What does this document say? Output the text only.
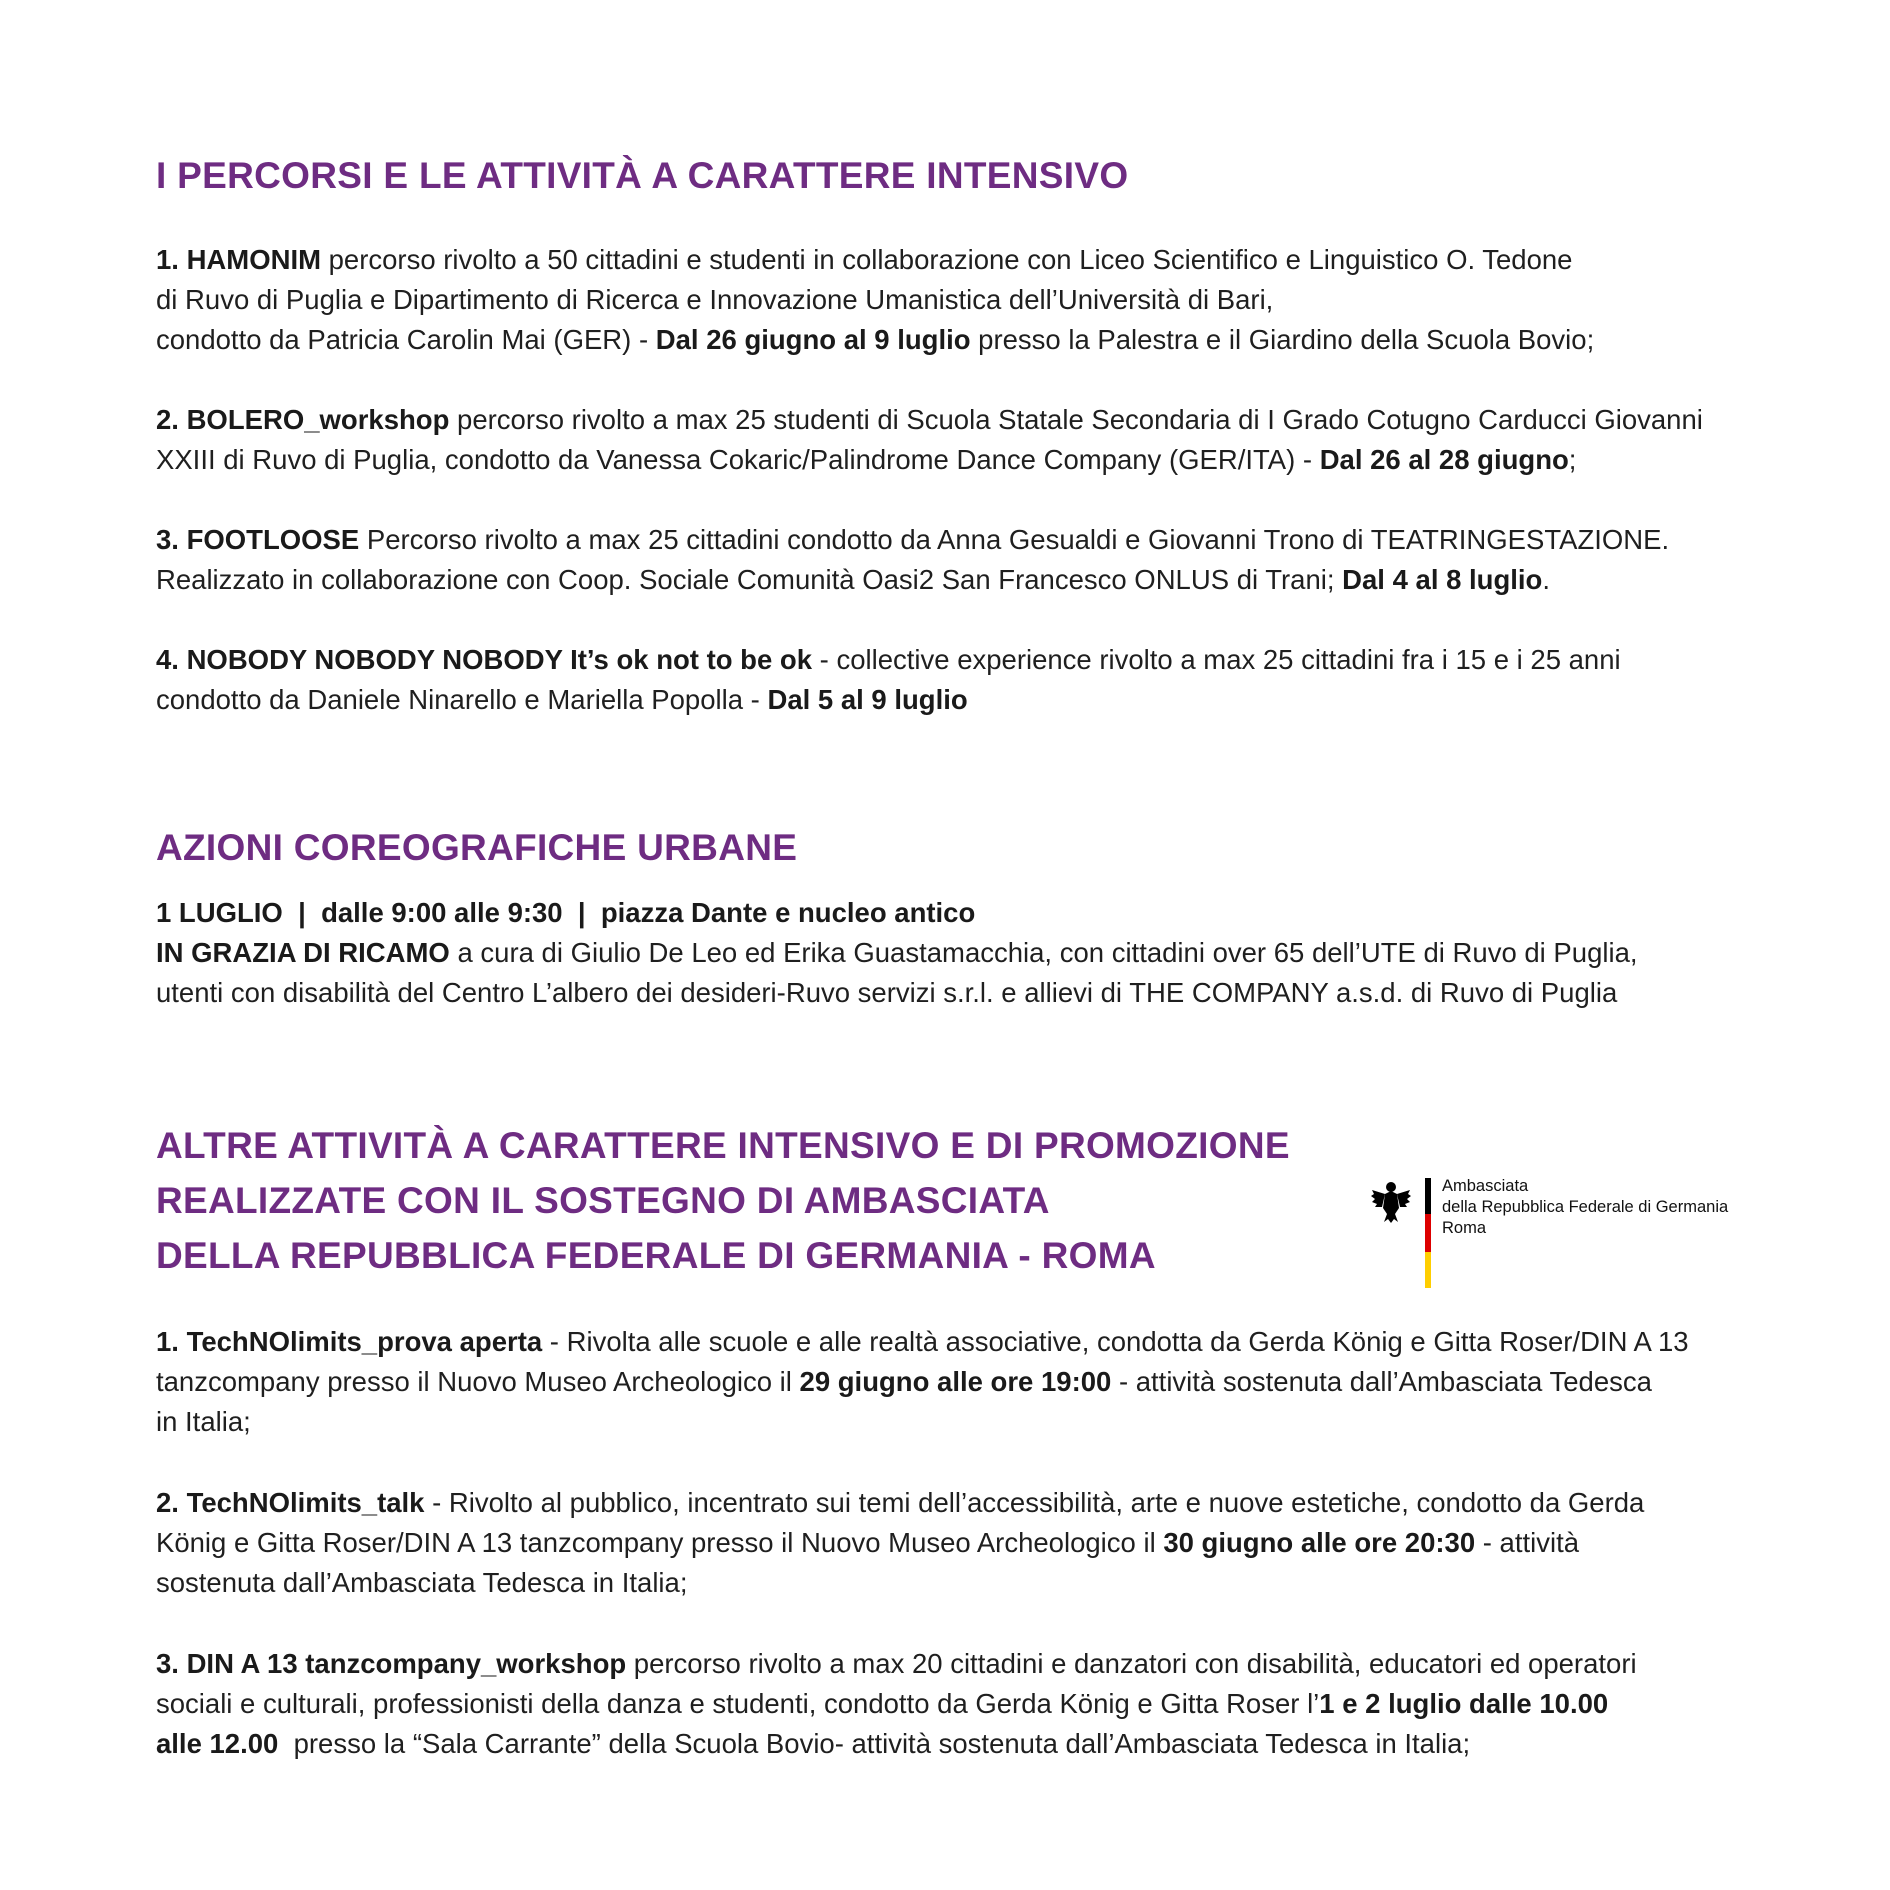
I PERCORSI E LE ATTIVITÀ A CARATTERE INTENSIVO

1. HAMONIM percorso rivolto a 50 cittadini e studenti in collaborazione con Liceo Scientifico e Linguistico O. Tedone

di Ruvo di Puglia e Dipartimento di Ricerca e Innovazione Umanistica dell’Università di Bari,

condotto da Patricia Carolin Mai (GER) - Dal 26 giugno al 9 luglio presso la Palestra e il Giardino della Scuola Bovio;

2. BOLERO_workshop percorso rivolto a max 25 studenti di Scuola Statale Secondaria di I Grado Cotugno Carducci Giovanni

XXIII di Ruvo di Puglia, condotto da Vanessa Cokaric/Palindrome Dance Company (GER/ITA) - Dal 26 al 28 giugno;

3. FOOTLOOSE Percorso rivolto a max 25 cittadini condotto da Anna Gesualdi e Giovanni Trono di TEATRINGESTAZIONE.

Realizzato in collaborazione con Coop. Sociale Comunità Oasi2 San Francesco ONLUS di Trani; Dal 4 al 8 luglio.

4. NOBODY NOBODY NOBODY It’s ok not to be ok - collective experience rivolto a max 25 cittadini fra i 15 e i 25 anni

condotto da Daniele Ninarello e Mariella Popolla - Dal 5 al 9 luglio

AZIONI COREOGRAFICHE URBANE

1 LUGLIO  |  dalle 9:00 alle 9:30  |  piazza Dante e nucleo antico

IN GRAZIA DI RICAMO a cura di Giulio De Leo ed Erika Guastamacchia, con cittadini over 65 dell’UTE di Ruvo di Puglia,

utenti con disabilità del Centro L’albero dei desideri-Ruvo servizi s.r.l. e allievi di THE COMPANY a.s.d. di Ruvo di Puglia

ALTRE ATTIVITÀ A CARATTERE INTENSIVO E DI PROMOZIONE
REALIZZATE CON IL SOSTEGNO DI AMBASCIATA
DELLA REPUBBLICA FEDERALE DI GERMANIA - ROMA

1. TechNOlimits_prova aperta - Rivolta alle scuole e alle realtà associative, condotta da Gerda König e Gitta Roser/DIN A 13

tanzcompany presso il Nuovo Museo Archeologico il 29 giugno alle ore 19:00 - attività sostenuta dall’Ambasciata Tedesca

in Italia;

2. TechNOlimits_talk - Rivolto al pubblico, incentrato sui temi dell’accessibilità, arte e nuove estetiche, condotto da Gerda

König e Gitta Roser/DIN A 13 tanzcompany presso il Nuovo Museo Archeologico il 30 giugno alle ore 20:30 - attività

sostenuta dall’Ambasciata Tedesca in Italia;

3. DIN A 13 tanzcompany_workshop percorso rivolto a max 20 cittadini e danzatori con disabilità, educatori ed operatori

sociali e culturali, professionisti della danza e studenti, condotto da Gerda König e Gitta Roser l’1 e 2 luglio dalle 10.00

alle 12.00  presso la “Sala Carrante” della Scuola Bovio- attività sostenuta dall’Ambasciata Tedesca in Italia;

Ambasciata
della Repubblica Federale di Germania
Roma
